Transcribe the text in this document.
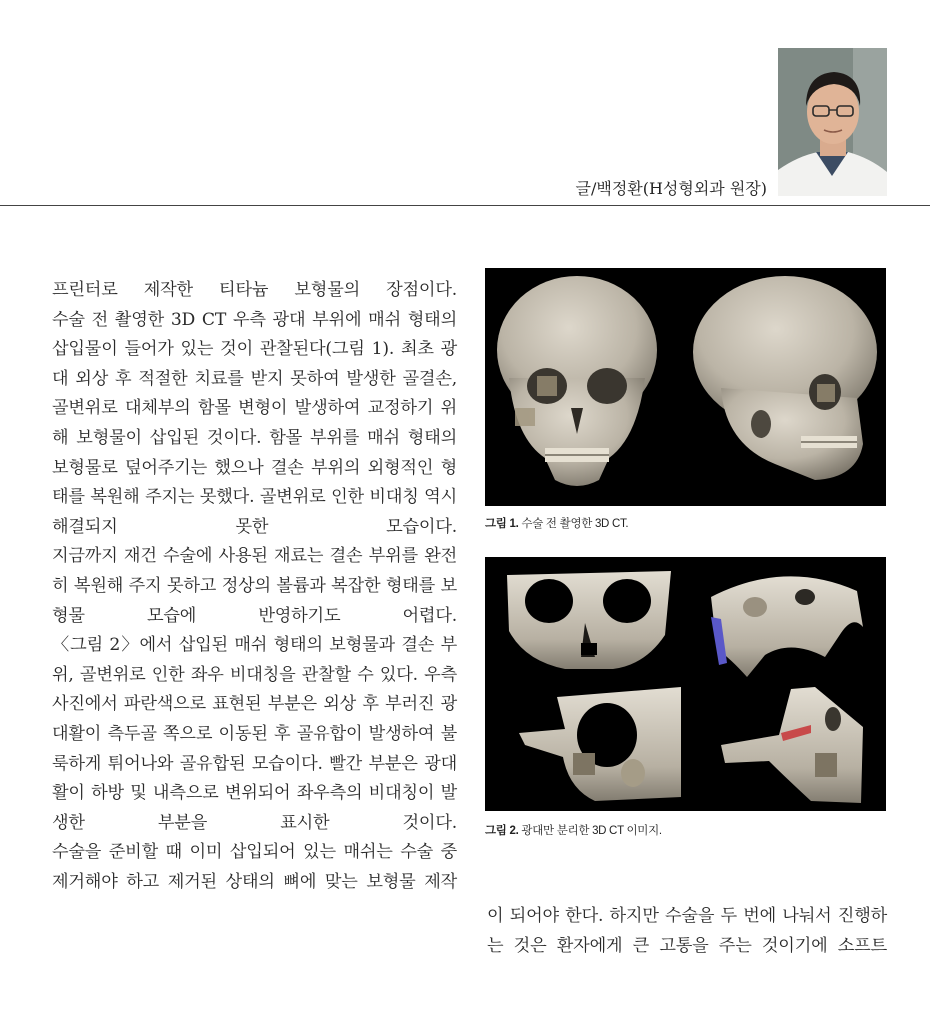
글/백정환(H성형외과 원장)

프린터로 제작한 티타늄 보형물의 장점이다.

수술 전 촬영한 3D CT 우측 광대 부위에 매쉬 형태의 삽입물이 들어가 있는 것이 관찰된다(그림 1). 최초 광대 외상 후 적절한 치료를 받지 못하여 발생한 골결손, 골변위로 대체부의 함몰 변형이 발생하여 교정하기 위해 보형물이 삽입된 것이다. 함몰 부위를 매쉬 형태의 보형물로 덮어주기는 했으나 결손 부위의 외형적인 형태를 복원해 주지는 못했다. 골변위로 인한 비대칭 역시 해결되지 못한 모습이다.

지금까지 재건 수술에 사용된 재료는 결손 부위를 완전히 복원해 주지 못하고 정상의 볼륨과 복잡한 형태를 보형물 모습에 반영하기도 어렵다.

〈그림 2〉에서 삽입된 매쉬 형태의 보형물과 결손 부위, 골변위로 인한 좌우 비대칭을 관찰할 수 있다. 우측 사진에서 파란색으로 표현된 부분은 외상 후 부러진 광대활이 측두골 쪽으로 이동된 후 골유합이 발생하여 불룩하게 튀어나와 골유합된 모습이다. 빨간 부분은 광대활이 하방 및 내측으로 변위되어 좌우측의 비대칭이 발생한 부분을 표시한 것이다.

수술을 준비할 때 이미 삽입되어 있는 매쉬는 수술 중 제거해야 하고 제거된 상태의 뼈에 맞는 보형물 제작

그림 1. 수술 전 촬영한 3D CT.
그림 2. 광대만 분리한 3D CT 이미지.

이 되어야 한다. 하지만 수술을 두 번에 나눠서 진행하는 것은 환자에게 큰 고통을 주는 것이기에 소프트
